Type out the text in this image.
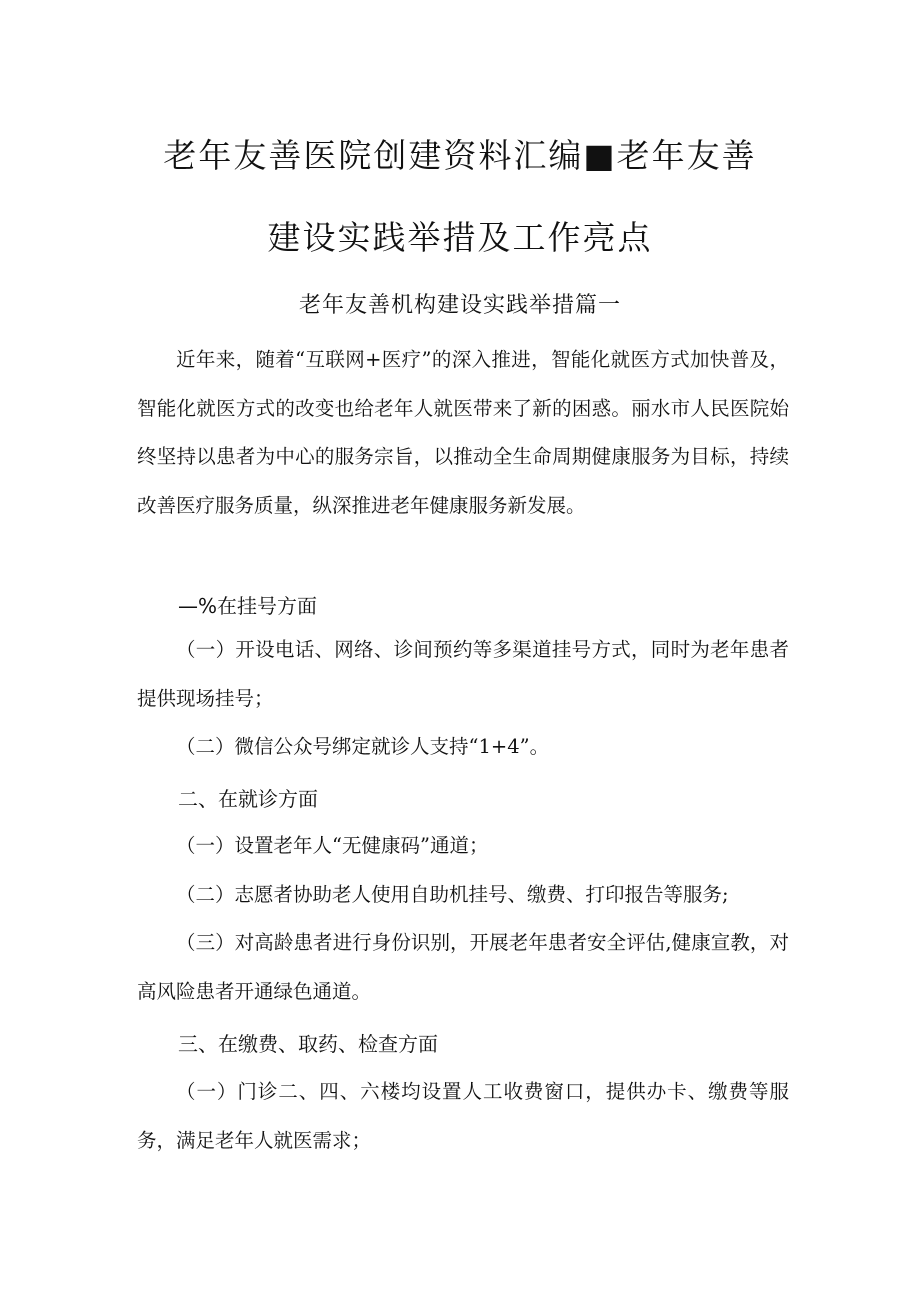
老年友善医院创建资料汇编■老年友善
建设实践举措及工作亮点
老年友善机构建设实践举措篇一

近年来，随着“互联网+医疗”的深入推进，智能化就医方式加快普及，智能化就医方式的改变也给老年人就医带来了新的困惑。丽水市人民医院始终坚持以患者为中心的服务宗旨，以推动全生命周期健康服务为目标，持续改善医疗服务质量，纵深推进老年健康服务新发展。

—%在挂号方面

（一）开设电话、网络、诊间预约等多渠道挂号方式，同时为老年患者提供现场挂号；

（二）微信公众号绑定就诊人支持“1+4”。

二、在就诊方面

（一）设置老年人“无健康码”通道；

（二）志愿者协助老人使用自助机挂号、缴费、打印报告等服务;

（三）对高龄患者进行身份识别，开展老年患者安全评估,健康宣教，对高风险患者开通绿色通道。

三、在缴费、取药、检查方面

（一）门诊二、四、六楼均设置人工收费窗口，提供办卡、缴费等服务，满足老年人就医需求；
